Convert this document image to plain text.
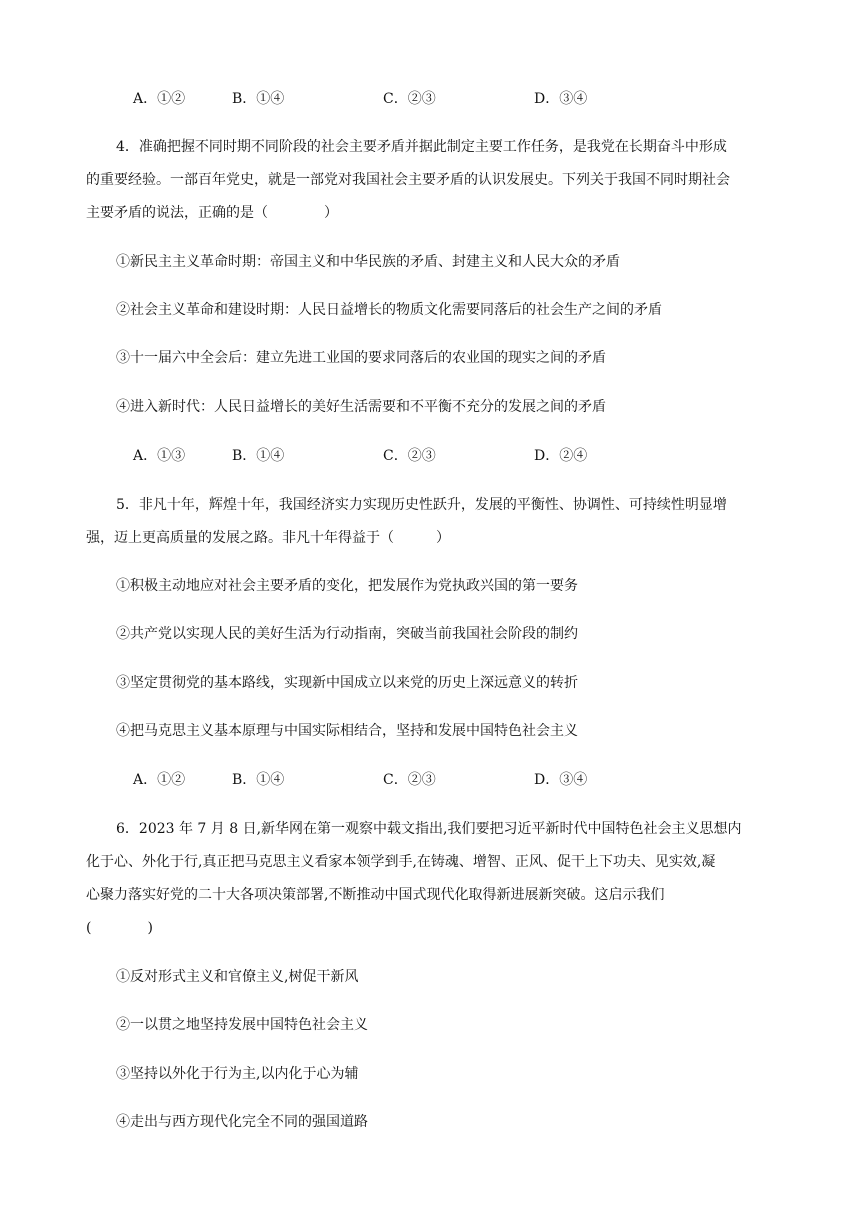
A．①②	B．①④	C．②③	D．③④
4．准确把握不同时期不同阶段的社会主要矛盾并据此制定主要工作任务，是我党在长期奋斗中形成
的重要经验。一部百年党史，就是一部党对我国社会主要矛盾的认识发展史。下列关于我国不同时期社会
主要矛盾的说法，正确的是（　　　　）
①新民主主义革命时期：帝国主义和中华民族的矛盾、封建主义和人民大众的矛盾
②社会主义革命和建设时期：人民日益增长的物质文化需要同落后的社会生产之间的矛盾
③十一届六中全会后：建立先进工业国的要求同落后的农业国的现实之间的矛盾
④进入新时代：人民日益增长的美好生活需要和不平衡不充分的发展之间的矛盾
A．①③	B．①④	C．②③	D．②④
5．非凡十年，辉煌十年，我国经济实力实现历史性跃升，发展的平衡性、协调性、可持续性明显增
强，迈上更高质量的发展之路。非凡十年得益于（　　　）
①积极主动地应对社会主要矛盾的变化，把发展作为党执政兴国的第一要务
②共产党以实现人民的美好生活为行动指南，突破当前我国社会阶段的制约
③坚定贯彻党的基本路线，实现新中国成立以来党的历史上深远意义的转折
④把马克思主义基本原理与中国实际相结合，坚持和发展中国特色社会主义
A．①②	B．①④	C．②③	D．③④
6．2023 年 7 月 8 日,新华网在第一观察中载文指出,我们要把习近平新时代中国特色社会主义思想内
化于心、外化于行,真正把马克思主义看家本领学到手,在铸魂、增智、正风、促干上下功夫、见实效,凝
心聚力落实好党的二十大各项决策部署,不断推动中国式现代化取得新进展新突破。这启示我们
(　　　　)
①反对形式主义和官僚主义,树促干新风
②一以贯之地坚持发展中国特色社会主义
③坚持以外化于行为主,以内化于心为辅
④走出与西方现代化完全不同的强国道路
